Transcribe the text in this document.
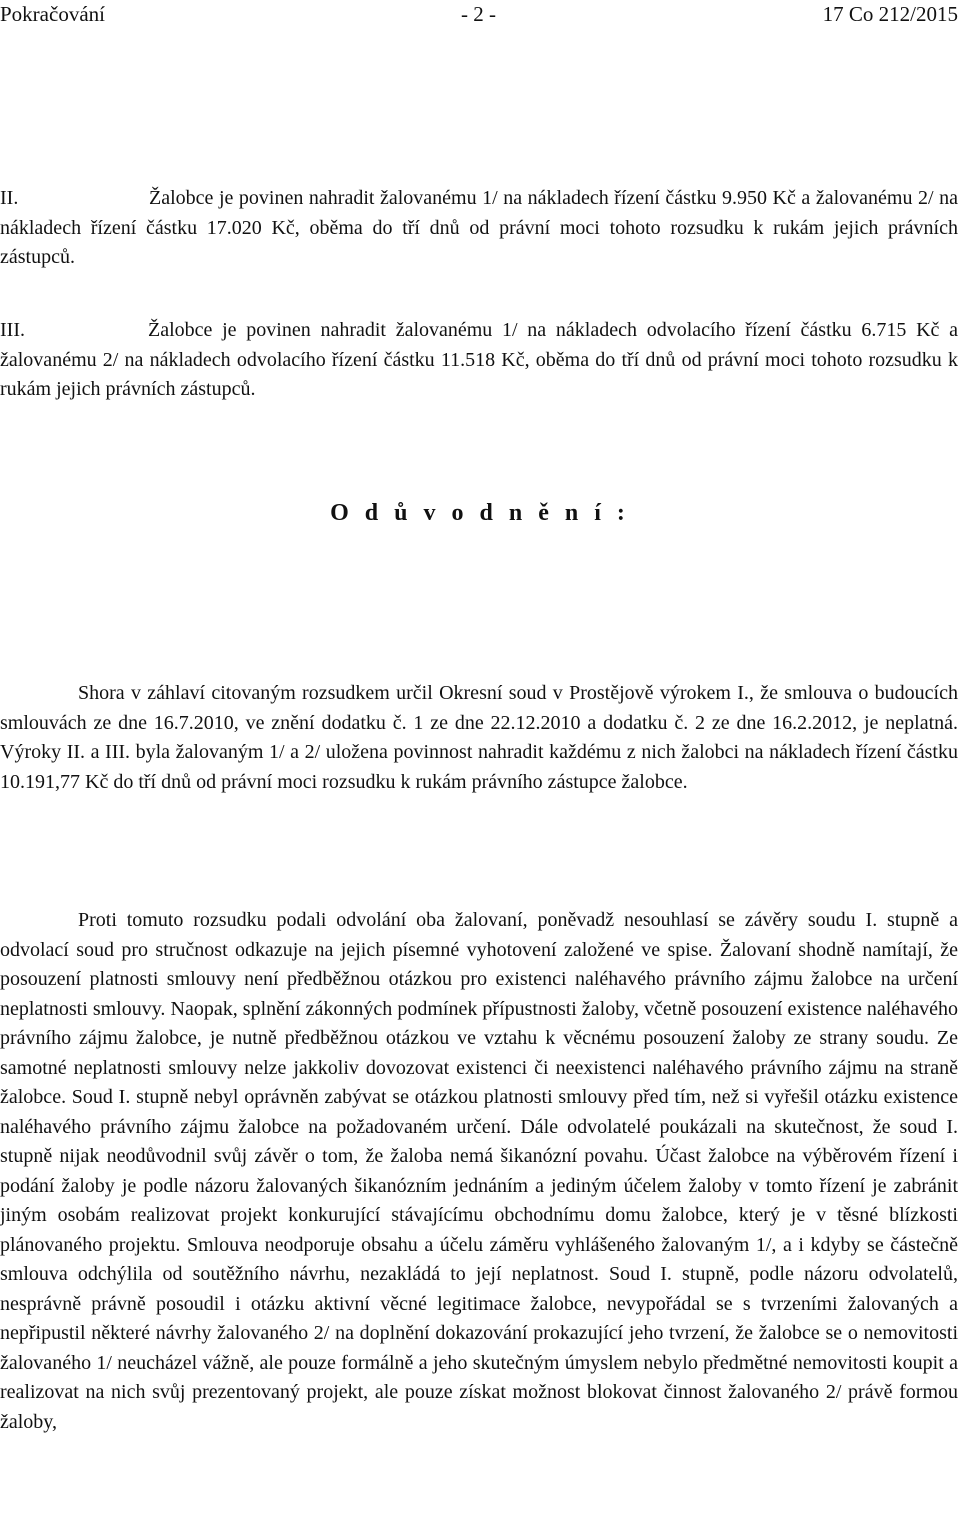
Pokračování	- 2 -	17 Co 212/2015

II.	Žalobce je povinen nahradit žalovanému 1/ na nákladech řízení částku 9.950 Kč a žalovanému 2/ na nákladech řízení částku 17.020 Kč, oběma do tří dnů od právní moci tohoto rozsudku k rukám jejich právních zástupců.

III.	Žalobce je povinen nahradit žalovanému 1/ na nákladech odvolacího řízení částku 6.715 Kč a žalovanému 2/ na nákladech odvolacího řízení částku 11.518 Kč, oběma do tří dnů od právní moci tohoto rozsudku k rukám jejich právních zástupců.

O d ů v o d n ě n í :

Shora v záhlaví citovaným rozsudkem určil Okresní soud v Prostějově výrokem I., že smlouva o budoucích smlouvách ze dne 16.7.2010, ve znění dodatku č. 1 ze dne 22.12.2010 a dodatku č. 2 ze dne 16.2.2012, je neplatná. Výroky II. a III. byla žalovaným 1/ a 2/ uložena povinnost nahradit každému z nich žalobci na nákladech řízení částku 10.191,77 Kč do tří dnů od právní moci rozsudku k rukám právního zástupce žalobce.

Proti tomuto rozsudku podali odvolání oba žalovaní, poněvadž nesouhlasí se závěry soudu I. stupně a odvolací soud pro stručnost odkazuje na jejich písemné vyhotovení založené ve spise. Žalovaní shodně namítají, že posouzení platnosti smlouvy není předběžnou otázkou pro existenci naléhavého právního zájmu žalobce na určení neplatnosti smlouvy. Naopak, splnění zákonných podmínek přípustnosti žaloby, včetně posouzení existence naléhavého právního zájmu žalobce, je nutně předběžnou otázkou ve vztahu k věcnému posouzení žaloby ze strany soudu. Ze samotné neplatnosti smlouvy nelze jakkoliv dovozovat existenci či neexistenci naléhavého právního zájmu na straně žalobce. Soud I. stupně nebyl oprávněn zabývat se otázkou platnosti smlouvy před tím, než si vyřešil otázku existence naléhavého právního zájmu žalobce na požadovaném určení. Dále odvolatelé poukázali na skutečnost, že soud I. stupně nijak neodůvodnil svůj závěr o tom, že žaloba nemá šikanózní povahu. Účast žalobce na výběrovém řízení i podání žaloby je podle názoru žalovaných šikanózním jednáním a jediným účelem žaloby v tomto řízení je zabránit jiným osobám realizovat projekt konkurující stávajícímu obchodnímu domu žalobce, který je v těsné blízkosti plánovaného projektu. Smlouva neodporuje obsahu a účelu záměru vyhlášeného žalovaným 1/, a i kdyby se částečně smlouva odchýlila od soutěžního návrhu, nezakládá to její neplatnost. Soud I. stupně, podle názoru odvolatelů, nesprávně právně posoudil i otázku aktivní věcné legitimace žalobce, nevypořádal se s tvrzeními žalovaných a nepřipustil některé návrhy žalovaného 2/ na doplnění dokazování prokazující jeho tvrzení, že žalobce se o nemovitosti žalovaného 1/ neucházel vážně, ale pouze formálně a jeho skutečným úmyslem nebylo předmětné nemovitosti koupit a realizovat na nich svůj prezentovaný projekt, ale pouze získat možnost blokovat činnost žalovaného 2/ právě formou žaloby,
